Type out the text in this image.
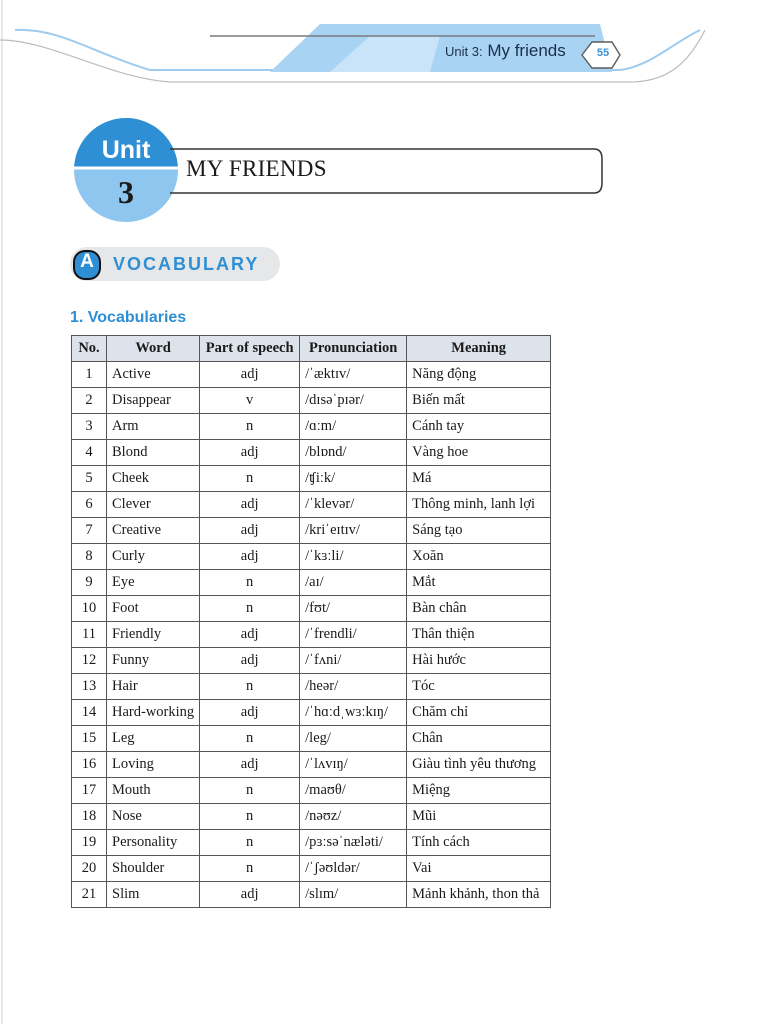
Unit 3: My friends	55
Unit
3
MY FRIENDS
A	VOCABULARY
1. Vocabularies
No.	Word	Part of speech	Pronunciation	Meaning
1	Active	adj	/ˈæktɪv/	Năng động
2	Disappear	v	/dɪsəˈpɪər/	Biến mất
3	Arm	n	/ɑːm/	Cánh tay
4	Blond	adj	/blɒnd/	Vàng hoe
5	Cheek	n	/ʧiːk/	Má
6	Clever	adj	/ˈklevər/	Thông minh, lanh lợi
7	Creative	adj	/kriˈeɪtɪv/	Sáng tạo
8	Curly	adj	/ˈkɜːli/	Xoăn
9	Eye	n	/aɪ/	Mắt
10	Foot	n	/fʊt/	Bàn chân
11	Friendly	adj	/ˈfrendli/	Thân thiện
12	Funny	adj	/ˈfʌni/	Hài hước
13	Hair	n	/heər/	Tóc
14	Hard-working	adj	/ˈhɑːdˌwɜːkɪŋ/	Chăm chỉ
15	Leg	n	/leg/	Chân
16	Loving	adj	/ˈlʌvɪŋ/	Giàu tình yêu thương
17	Mouth	n	/maʊθ/	Miệng
18	Nose	n	/nəʊz/	Mũi
19	Personality	n	/pɜːsəˈnæləti/	Tính cách
20	Shoulder	n	/ˈʃəʊldər/	Vai
21	Slim	adj	/slɪm/	Mảnh khảnh, thon thả
